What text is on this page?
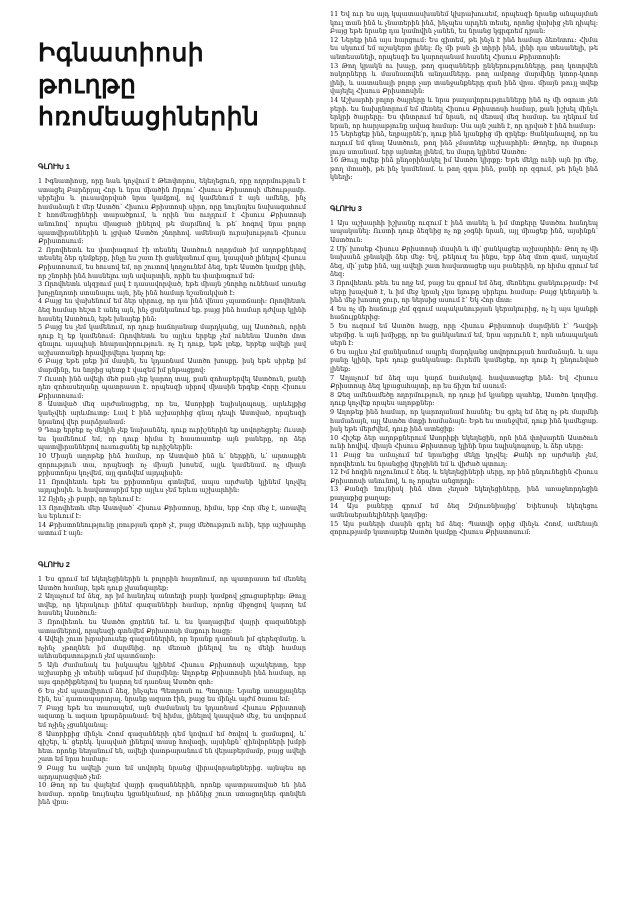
Իգնատիոսի թուղթը հռոմեացիներին
ԳԼՈՒԽ 1

1 Իգնատիոսը, որը նաև կոչվում է Թեոփորոս, եկեղեցուն, որը ողորմություն է ստացել Բարձրյալ Հոր և նրա միածին Որդու՝ Հիսուս Քրիստոսի մեծությամբ. սիրելիս և լուսավորված նրա կամքով, ով կամենում է այն ամենը, ինչ համաձայն է մեր Աստծո՝ Հիսուս Քրիստոսի սիրո, որը նույնպես նախագահում է հռոմեացիների տարածքում, և որին նա ուղղում է Հիսուս Քրիստոսի անունով՝ որպես միացած լինելով թե մարմնով և թե՛ հոգով նրա բոլոր պատվիրաններին և լցված Աստծո շնորհով. ամենայն ուրախություն Հիսուս Քրիստոսում։

2 Որովհետև ես փափագում էի տեսնել Աստծուն ողորմած իմ աղոթքներով տեսնել ձեր դեմքերը, ինչը ես շատ էի ցանկանում գալ, կապված լինելով Հիսուս Քրիստոսում, ես հուսով եմ, որ շուտով կողջունեմ ձեզ, եթե Աստծո կամքը լինի, որ շնորհի ինձ հասնելու այն ավարտին, որին ես փափագում եմ։

3 Որովհետև սկզբում լավ է դասավորված, եթե միայն շնորհը ունենամ առանց խոչընդոտի ստանալու այն, ինչ ինձ համար նշանակված է։

4 Բայց ես վախենում եմ ձեր սիրուց, որ դա ինձ վնաս չպատճառի։ Որովհետև ձեզ համար հեշտ է անել այն, ինչ ցանկանում եք. բայց ինձ համար դժվար կլինի հասնել Աստծուն, եթե խնայեք ինձ։

5 Բայց ես չեմ կամենում, որ դուք հաճոյանաք մարդկանց, այլ Աստծուն, որին դուք էլ եք կամենում։ Որովհետև ես այլևս երբեք չեմ ունենա Աստծո մոտ գնալու այսպիսի հնարավորություն. ոչ էլ դուք, եթե լռեք, երբեք ավելի լավ աշխատանքի հրավիրվելու կարող եք։

6 Բայց եթե լռեք իմ մասին, ես կդառնամ Աստծո խոսքը. իսկ եթե սիրեք իմ մարմինը, ես նորից պետք է վազեմ իմ ընթացքով։

7 Ուստի ինձ ավելի մեծ բան չեք կարող տալ, քան զոհաբերվել Աստծուն, քանի դեռ զոհասեղանը պատրաստ է. որպեսզի սիրով միասին երգեք Հորը Հիսուս Քրիստոսում։

8 Աստված մեզ արժանացրեց, որ ես, Ասորիքի եպիսկոպոսը, արևելքից կանչվեի արևմուտք։ Լավ է ինձ աշխարհից գնալ դեպի Աստված, որպեսզի նրանով վեր բարձրանամ։

9 Դուք երբեք ոչ մեկին չեք նախանձել. դուք ուրիշներին եք սովորեցրել։ Ուստի ես կամենում եմ, որ դուք հիմա էլ հաստատեք այն բաները, որ ձեր պատվիրաններով ուսուցանել եք ուրիշներին։

10 Միայն աղոթեք ինձ համար, որ Աստված ինձ և՛ ներքին, և՛ արտաքին զորություն տա, որպեսզի ոչ միայն խոսեմ, այլև կամենամ. ոչ միայն քրիստոնյա կոչվեմ, այլ գտնվեմ այդպիսին։

11 Որովհետև եթե ես քրիստոնյա գտնվեմ, ապա արժանի կլինեմ կոչվել այդպիսին. և հավատարիմ երբ այլևս չեմ երևա աշխարհին։

12 Ոչինչ չի բարի, որ երևում է։

13 Որովհետև մեր Աստված՝ Հիսուս Քրիստոսը, հիմա, երբ Հոր մեջ է, առավել ևս երևում է։

14 Քրիստոնեությունը լռության գործ չէ, բայց մեծություն ունի, երբ աշխարհը ատում է այն։

ԳԼՈՒԽ 2

1 Ես գրում եմ եկեղեցիներին և բոլորին հայտնում, որ պատրաստ եմ մեռնել Աստծո համար, եթե դուք չխանգարեք։

2 Աղաչում եմ ձեզ, որ իմ հանդեպ անտեղի բարի կամքով չցուցաբերեք։ Թույլ տվեք, որ կերակուր լինեմ գազանների համար, որոնց միջոցով կարող եմ հասնել Աստծուն։

3 Որովհետև ես Աստծո ցորենն եմ. և ես կաղացվեմ վայրի գազանների ատամներով, որպեսզի գտնվեմ Քրիստոսի մաքուր հացը։

4 Ավելի շուտ խրախուսեք գազաններին, որ նրանք դառնան իմ գերեզմանը. և ոչինչ չթողնեն իմ մարմնից. որ մեռած լինելով ես ոչ մեկի համար անհանգստություն չեմ պատճառի։

5 Այն ժամանակ ես իսկապես կլինեմ Հիսուս Քրիստոսի աշակերտը, երբ աշխարհը չի տեսնի անգամ իմ մարմինը։ Աղոթեք Քրիստոսին ինձ համար, որ այս գործիքներով ես կարող եմ դառնալ Աստծո զոհ։

6 Ես չեմ պատվիրում ձեզ, ինչպես Պետրոսն ու Պողոսը։ Նրանք առաքյալներ էին, ես՝ դատապարտյալ. նրանք ազատ էին, բայց ես մինչև այժմ ծառա եմ։

7 Բայց եթե ես տառապեմ, այն ժամանակ ես կդառնամ Հիսուս Քրիստոսի ազատը և ազատ կբարձրանամ։ Եվ հիմա, լինելով կապված մեջ, ես սովորում եմ ոչինչ չցանկանալ։

8 Ասորիքից մինչև Հռոմ գազանների դեմ կռվում եմ ծովով և ցամաքով, և՛ գիշեր, և՛ ցերեկ. կապված լինելով տասը հովազի, այսինքն՝ զինվորների խմբի հետ. որոնք նեղանում են, ավելի վատթարանում են վերաբերմամբ, բայց ավելի շատ եմ նրա համար։

9 Բայց ես ավելի շատ եմ սովորել նրանց վիրավորանքներից. այնպես որ արդարացված չեմ։

10 Թող որ ես վայելեմ վայրի գազաններին, որոնք պատրաստված են ինձ համար. որոնք նույնպես կցանկանամ, որ ինձնից շուտ ստացողներ գտնվեն ինձ վրա։

11 Եվ ուր ես այդ կպատասխանեմ կխրախուսեմ, որպեսզի նրանք անպայման կուլ տան ինձ և չնատերին ինձ, ինչպես արդեն տեսել, որոնց վախից չեն դիպել։ Բայց եթե նրանք դա կամովին չանեն, ես նրանց կգրգռեմ դրան։

12 Ներեք ինձ այս հարցում։ Ես գիտեմ, թե ինչն է ինձ համար ձեռնտու։ Հիմա ես սկսում եմ աշակերտ լինել։ Ոչ մի բան չի տիրի ինձ, լինի դա տեսանելի, թե անտեսանելի, որպեսզի ես կարողանամ հասնել Հիսուս Քրիստոսին։

13 Թող կրակն ու խաչը, թող գազանների ընկերությունները, թող կոտրվեն ոսկորները և մասնատվեն անդամները. թող ամբողջ մարմինը կտոր-կտոր լինի, և սատանայի բոլոր չար տանջանքները գան ինձ վրա. միայն թույլ տվեք վայելել Հիսուս Քրիստոսին։

14 Աշխարհի բոլոր ծայրերը և նրա բաղավորությունները ինձ ոչ մի օգուտ չեն բերի. ես նախընտրում եմ մեռնել Հիսուս Քրիստոսի համար, քան իշխել մինչև երկրի ծայրերը։ Ես փնտրում եմ նրան, ով մեռավ մեզ համար. ես ղեկում եմ նրան, որ հարյաթյունը ավագ համար։ Սա այն շահն է, որ դրված է ինձ համար։

15 Ներեցեք ինձ, եղբայրնե՛ր, դուք ինձ կյանքից մի զրկեք։ Ցանկանալով, որ ես ուղում եմ գնալ Աստծուն, թող ինձ չմատնեք աշխարհին։ Թողեք, որ մաքուր լույս ստանամ. երբ այնտեղ լինեմ, ես մարդ կլինեմ Աստծո։

16 Թույլ տվեք ինձ ընդօրինակել իմ Աստծո կիրքը։ Եթե մեկը ունի այն իր մեջ, թող մտածի, թե ինչ կամենամ. և թող զգա ինձ, բանի որ զգում, թե ինչն ինձ կնեղի։

ԳԼՈՒԽ 3

1 Այս աշխարհի իշխանը ուզում է ինձ տանել և իմ մտքերը Աստծու հանդեպ ապականել։ Ուստի դուք ձեզնից ոչ ոք չօգնի նրան, այլ միացեք ինձ, այսինքն՝ Աստծուն։

2 Մի՛ խոսեք Հիսուս Քրիստոսի մասին և մի՛ ցանկացեք աշխարհին։ Թող ոչ մի նախանձ չբնակվի ձեր մեջ։ Եվ, թեկուզ ես ինքս, երբ ձեզ մոտ գամ, աղաչեմ ձեզ, մի՛ լսեք ինձ, այլ ավելի շատ հավատացեք այս բաներին, որ հիմա գրում եմ ձեզ։

3 Որովհետև թեև ես ողջ եմ, բայց ես գրում եմ ձեզ, մեռնելու ցանկությամբ։ Իմ սերը խաչված է, և իմ մեջ կրակ չկա նյութը սիրելու համար։ Բայց կենդանի և ինձ մեջ խոսող ջուր, որ ներսից ասում է՝ Եկ Հոր մոտ։

4 Ես ոչ մի հաճույք չեմ զգում ապականության կերակուրից, ոչ էլ այս կյանքի հաճույքներից։

5 Ես ուզում եմ Աստծո հացը, որը Հիսուս Քրիստոսի մարմինն է՝ Դավթի սերմից. և այն խմիչքը, որ ես ցանկանում եմ, նրա արյունն է, որն անապական սերն է։

6 Ես այլևս չեմ ցանկանում ապրել մարդկանց սովորության համաձայն. և այս բանը կլինի, եթե դուք ցանկանաք։ Ուրեմն կամեցեք, որ դուք էլ ընդունված լինեք։

7 Աղաչում եմ ձեզ այս կարճ նամակով. հավատացեք ինձ։ Եվ Հիսուս Քրիստոսը ձեզ կբացահայտի, որ ես ճիշտ եմ ասում։

8 Ձեզ ամենամեծը ողորմություն, որ դուք իմ կյանքը պահեք, Աստծո կողմից. դուք կոչվեք որպես աղոթքներ։

9 Աղոթեք ինձ համար, որ կարողանամ հասնել։ Ես գրել եմ ձեզ ոչ թե մարմնի համաձայն, այլ Աստծո մտքի համաձայն։ Եթե ես տանջվեմ, դուք ինձ կամեցաք. իսկ եթե մերժվեմ, դուք ինձ ատեցիք։

10 Հիշեք ձեր աղոթքներում Ասորիքի եկեղեցին, որն ինձ փոխարեն Աստծուն ունի հովիվ. միայն Հիսուս Քրիստոսը կլինի նրա եպիսկոպոսը, և ձեր սերը։

11 Բայց ես ամաչում եմ նրանցից մեկը կոչվել։ Քանի որ արժանի չեմ, որովհետև ես նրանցից վերջինն եմ և վիժած պտուղ։

12 Իմ հոգին ողջունում է ձեզ. և եկեղեցիների սերը, որ ինձ ընդունեցին Հիսուս Քրիստոսի անունով, և ոչ որպես անցորդի։

13 Քանզի նույնիսկ ինձ մոտ չեղած եկեղեցիները, ինձ առաջնորդեցին քաղաքից քաղաք։

14 Այս բաները գրում եմ ձեզ Զմյուռնիայից՝ Եփեսոսի եկեղեցու ամենաերանելիների կողմից։

15 Այս բաների մասին գրել եմ ձեզ։ Պատվի օրից մինչև Հռոմ, ամենայն զորությամբ կատարեք Աստծո կամքը Հիսուս Քրիստոսում։
